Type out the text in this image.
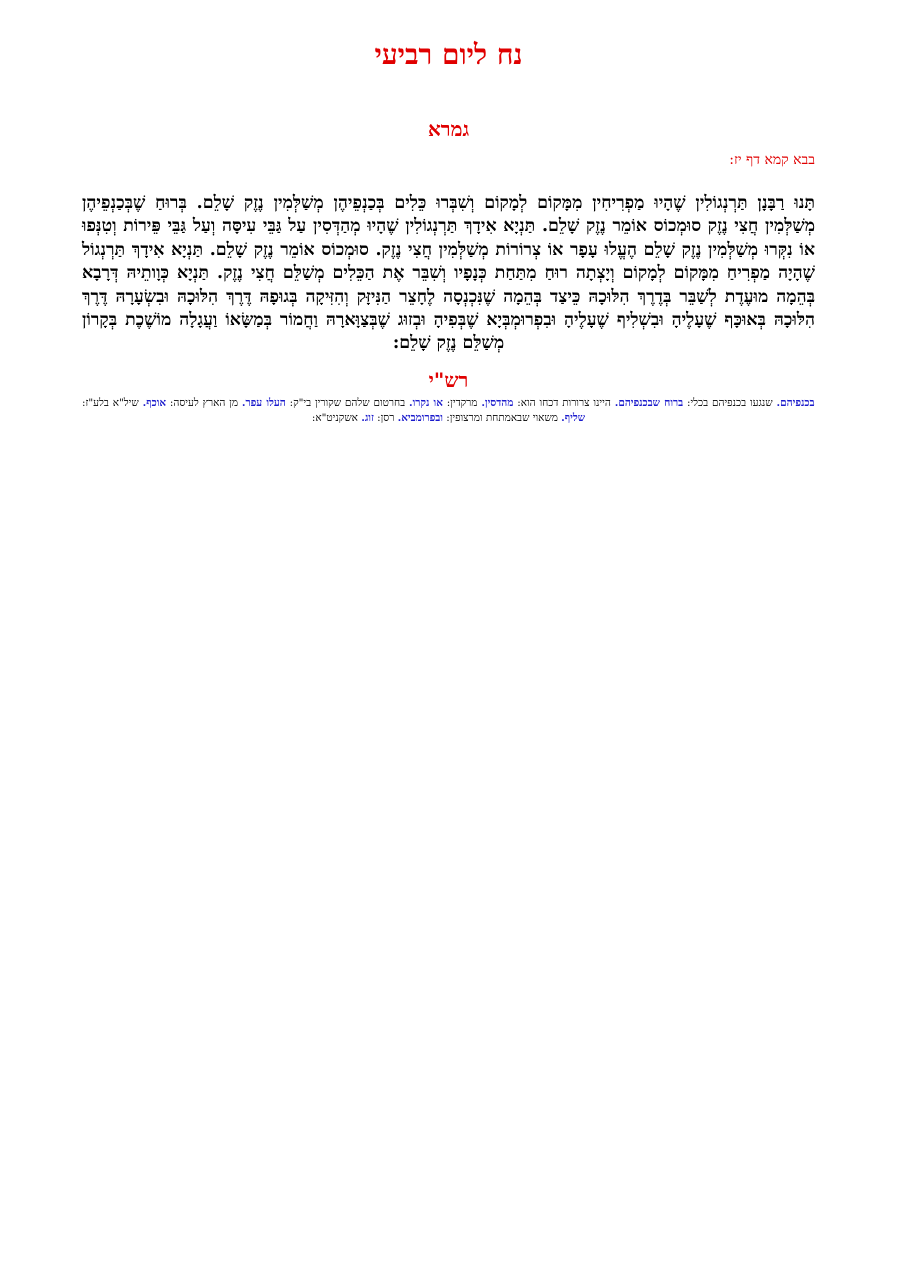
נח ליום רביעי
גמרא
בבא קמא דף יז:

תָּנוּ רַבָּנָן תַּרְנְגוֹלִין שֶׁהָיוּ מַפְרִיחִין מִמָּקוֹם לְמָקוֹם וְשִׁבְּרוּ כֵּלִים בְּכַנְפֵיהֶן מְשַׁלְּמִין נֶזֶק שָׁלֵם. בְּרוּחַ שֶׁבְּכַנְפֵיהֶן מְשַׁלְּמִין חֲצִי נֶזֶק סוּמְכוֹס אוֹמֵר נֶזֶק שָׁלֵם. תַּנְיָא אִידָךְ תַּרְנְגוֹלִין שֶׁהָיוּ מְהַדְּסִין עַל גַּבֵּי עִיסָּה וְעַל גַּבֵּי פֵּירוֹת וְטִנְּפוּ אוֹ נִקְּרוּ מְשַׁלְּמִין נֶזֶק שָׁלֵם הֶעֱלוּ עָפָר אוֹ צְרוֹרוֹת מְשַׁלְּמִין חֲצִי נֶזֶק. סוּמְכוֹס אוֹמֵר נֶזֶק שָׁלֵם. תַּנְיָא אִידָךְ תַּרְנְגוֹל שֶׁהָיָה מַפְרִיחַ מִמָּקוֹם לְמָקוֹם וְיָצְתָה רוּחַ מִתַּחַת כְּנָפָיו וְשִׁבֵּר אֶת הַכֵּלִים מְשַׁלֵּם חֲצִי נֶזֶק. תַּנְיָא כְּוָותֵיהּ דְּרָבָא בְּהֵמָה מוּעֶדֶת לְשַׁבֵּר בְּדֶרֶךְ הִלּוּכָהּ כֵּיצַד בְּהֵמָה שֶׁנִּכְנְסָה לֶחָצֵר הַנִּיזָּק וְהִזִּיקָה בְּגוּפָהּ דֶּרֶךְ הִלּוּכָהּ וּבִשְׂעָרָהּ דֶּרֶךְ הִלּוּכָהּ בְּאוּכָּף שֶׁעָלֶיהָ וּבִשְׁלִיף שֶׁעָלֶיהָ וּבִפְרוּמְבְּיָא שֶׁבְּפִיהָ וּבְזוּג שֶׁבְּצַוָּארָהּ וַחֲמוֹר בְּמַשָּׂאוֹ וַעֲגָלָה מוֹשֶׁכֶת בְּקָרוֹן מְשַׁלֵּם נֶזֶק שָׁלֵם:

רש"י

בכנפיהם. שנגעו בכנפיהם בכלי: ברוח שבכנפיהם. היינו צרורות דכחו הוא: מהדסין. מרקדין: או נקרו. בחרטום שלהם שקורין בי"ק: העלו עפר. מן הארץ לעיסה: אוכף. שיל"א בלע"ז: שליף. משאוי שבאמתחת ומרצופין: ובפרומביא. רסן: זוג. אשקניט"א:
